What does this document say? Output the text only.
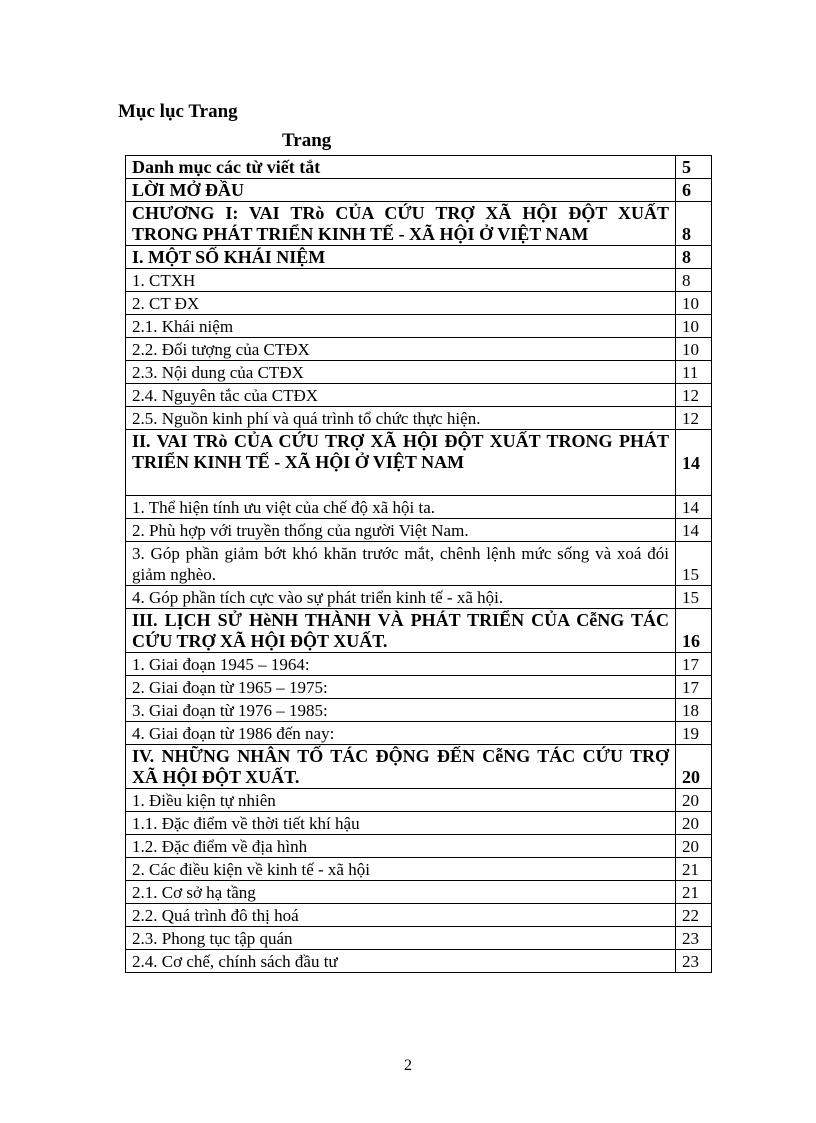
Mục lục Trang
Trang
Danh mục các từ viết tắt	5
LỜI MỞ ĐẦU	6
CHƯƠNG I: VAI TRò CỦA CỨU TRỢ XÃ HỘI ĐỘT XUẤT TRONG PHÁT TRIỂN KINH TẾ - XÃ HỘI Ở VIỆT NAM	8
I. MỘT SỐ KHÁI NIỆM	8
1. CTXH	8
2. CT ĐX	10
2.1. Khái niệm	10
2.2. Đối tượng của CTĐX	10
2.3. Nội dung của CTĐX	11
2.4. Nguyên tắc của CTĐX	12
2.5. Nguồn kinh phí và quá trình tổ chức thực hiện.	12
II. VAI TRò CỦA CỨU TRỢ XÃ HỘI ĐỘT XUẤT TRONG PHÁT TRIỂN KINH TẾ - XÃ HỘI Ở VIỆT NAM	14
1. Thể hiện tính ưu việt của chế độ xã hội ta.	14
2. Phù hợp với truyền thống của người Việt Nam.	14
3. Góp phần giảm bớt khó khăn trước mắt, chênh lệnh mức sống và xoá đói giảm nghèo.	15
4. Góp phần tích cực vào sự phát triển kinh tế - xã hội.	15
III. LỊCH SỬ HèNH THÀNH VÀ PHÁT TRIỂN CỦA CễNG TÁC CỨU TRỢ XÃ HỘI ĐỘT XUẤT.	16
1. Giai đoạn 1945 – 1964:	17
2. Giai đoạn từ 1965 – 1975:	17
3. Giai đoạn từ 1976 – 1985:	18
4. Giai đoạn từ 1986 đến nay:	19
IV. NHỮNG NHÂN TỐ TÁC ĐỘNG ĐẾN CễNG TÁC CỨU TRỢ XÃ HỘI ĐỘT XUẤT.	20
1. Điều kiện tự nhiên	20
1.1. Đặc điểm về thời tiết khí hậu	20
1.2. Đặc điểm về địa hình	20
2. Các điều kiện về kinh tế - xã hội	21
2.1. Cơ sở hạ tầng	21
2.2. Quá trình đô thị hoá	22
2.3. Phong tục tập quán	23
2.4. Cơ chế, chính sách đầu tư	23
2
